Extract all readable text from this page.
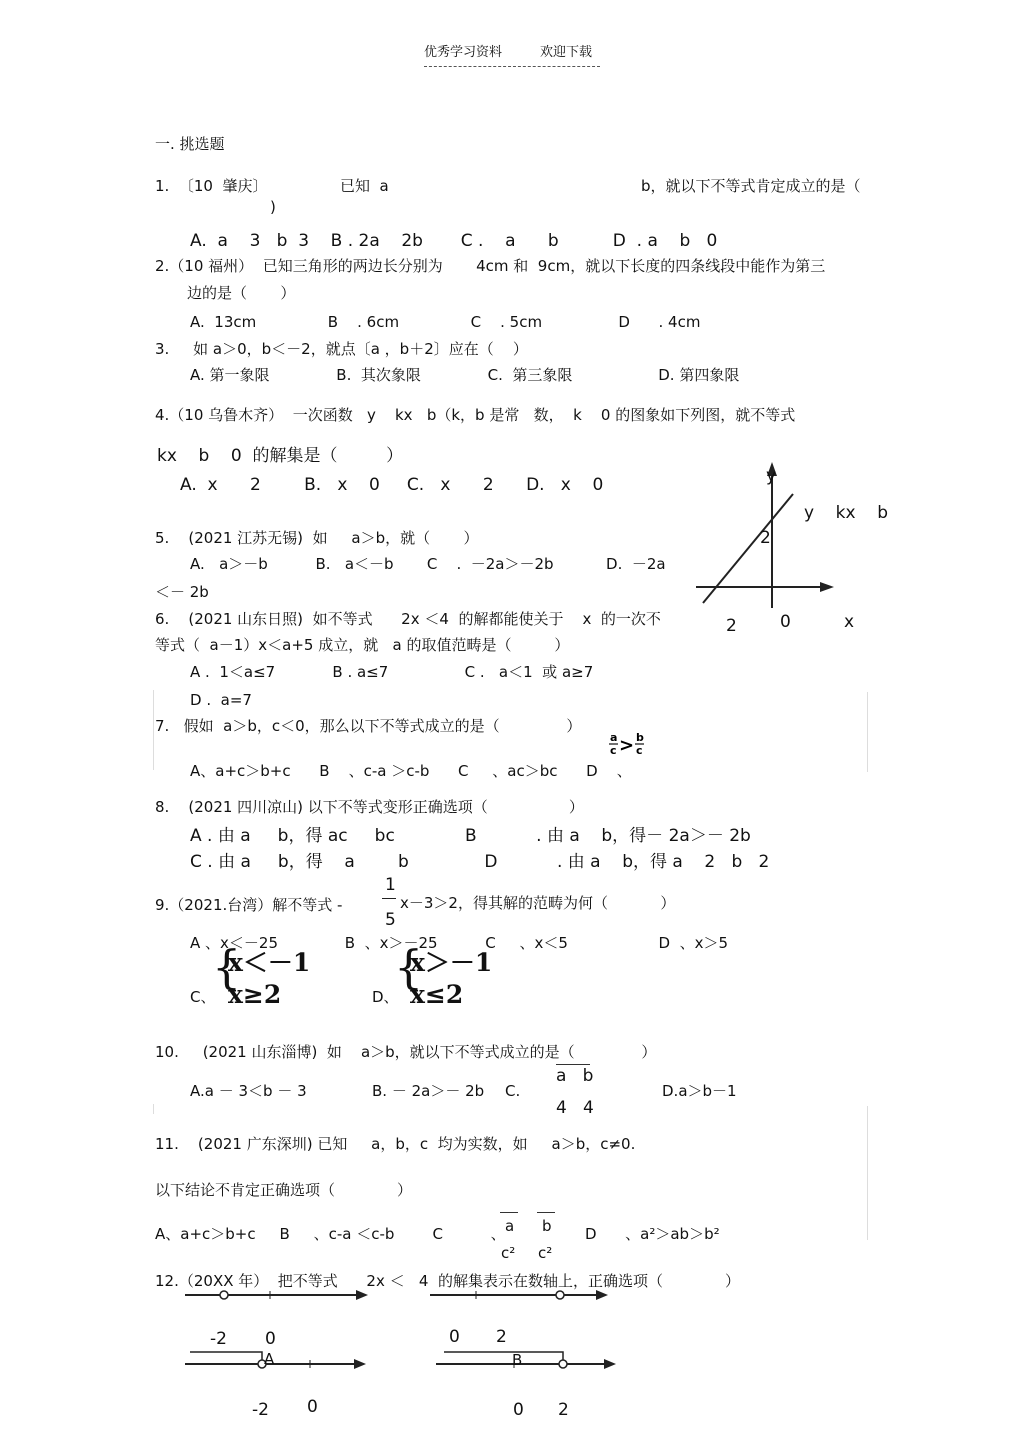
优秀学习资料	欢迎下载
一. 挑选题
1.  〔10  肇庆〕	已知  a	b，就以下不等式肯定成立的是（
)
A.  a    3   b  3    B . 2a    2b       C .    a      b          D  . a    b   0
2.（10 福州）  已知三角形的两边长分别为       4cm 和  9cm，就以下长度的四条线段中能作为第三
边的是（       ）
A.  13cm               B    . 6cm               C    . 5cm                D      . 4cm
3.     如 a＞0，b＜－2，就点〔a ，b＋2〕应在（    ）
A. 第一象限              B.  其次象限              C.  第三象限                  D. 第四象限
4.（10 乌鲁木齐）  一次函数   y    kx   b（k，b 是常   数，  k    0 的图象如下列图，就不等式
kx    b    0  的解集是（         ）
A.  x      2        B.   x    0     C.   x      2      D.   x    0	y
y    kx    b
2
2	0	x
5.    (2021 江苏无锡)  如     a＞b，就（       ）
A.   a＞－b          B.   a＜－b       C    .  －2a＞－2b           D.  －2a
＜－ 2b
6.    (2021 山东日照)  如不等式      2x ＜4  的解都能使关于    x  的一次不
等式（  a－1）x＜a+5 成立，就   a 的取值范畴是（         ）
A .  1＜a≤7            B . a≤7                C .   a＜1  或 a≥7
D .  a=7
7.   假如  a＞b，c＜0，那么以下不等式成立的是（              ）
a
c > b
c
A、a+c＞b+c      B    、c-a ＞c-b      C     、ac＞bc      D    、
8.    (2021 四川凉山) 以下不等式变形正确选项（                 ）
A . 由 a     b，得 ac     bc             B           . 由 a    b，得－ 2a＞－ 2b
C . 由 a     b，得    a        b              D           . 由 a    b，得 a    2   b   2
9.（2021.台湾）解不等式 -
1
5
x－3＞2，得其解的范畴为何（           ）
A 、x＜－25              B  、x＞－25          C     、x＜5                   D  、x＞5
C、
{
x＜－1
x≥2	D、
{
x＞－1
x≤2
10.     (2021 山东淄博)  如    a＞b，就以下不等式成立的是（              ）
a   b
4   4
A.a － 3＜b － 3	B. － 2a＞－ 2b C.	D.a＞b－1
11.    (2021 广东深圳) 已知     a，b，c  均为实数，如     a＞b，c≠0.
以下结论不肯定正确选项（             ）
A、a+c＞b+c     B     、c-a ＜c-b        C          、 a
c²
b
c²
D      、a²＞ab＞b²
12.（20XX 年）  把不等式      2x ＜   4  的解集表示在数轴上，正确选项（             ）
-2 0
A
0 2
B
-2 0	0 2
